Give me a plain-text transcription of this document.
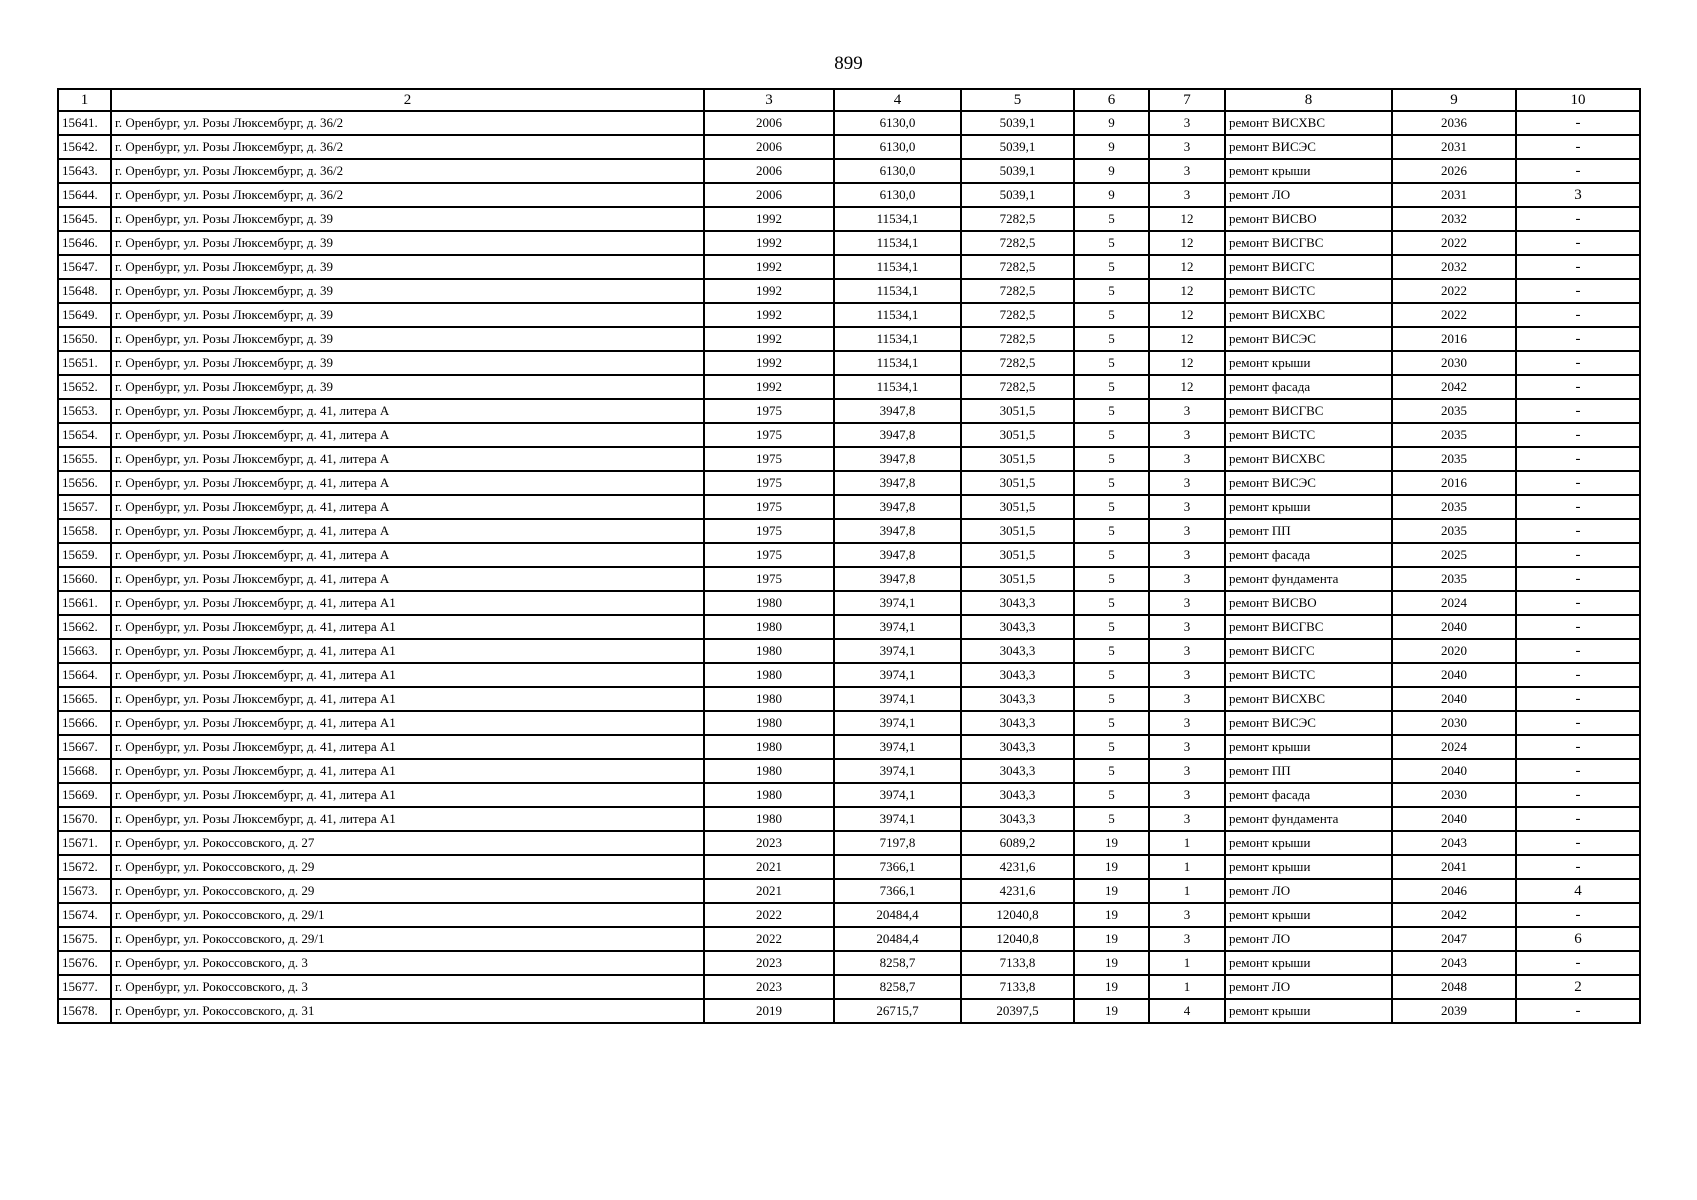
899
1	2	3	4	5	6	7	8	9	10
15641.	г. Оренбург, ул. Розы Люксембург, д. 36/2	2006	6130,0	5039,1	9	3	ремонт ВИСХВС	2036	-
15642.	г. Оренбург, ул. Розы Люксембург, д. 36/2	2006	6130,0	5039,1	9	3	ремонт ВИСЭС	2031	-
15643.	г. Оренбург, ул. Розы Люксембург, д. 36/2	2006	6130,0	5039,1	9	3	ремонт крыши	2026	-
15644.	г. Оренбург, ул. Розы Люксембург, д. 36/2	2006	6130,0	5039,1	9	3	ремонт ЛО	2031	3
15645.	г. Оренбург, ул. Розы Люксембург, д. 39	1992	11534,1	7282,5	5	12	ремонт ВИСВО	2032	-
15646.	г. Оренбург, ул. Розы Люксембург, д. 39	1992	11534,1	7282,5	5	12	ремонт ВИСГВС	2022	-
15647.	г. Оренбург, ул. Розы Люксембург, д. 39	1992	11534,1	7282,5	5	12	ремонт ВИСГС	2032	-
15648.	г. Оренбург, ул. Розы Люксембург, д. 39	1992	11534,1	7282,5	5	12	ремонт ВИСТС	2022	-
15649.	г. Оренбург, ул. Розы Люксембург, д. 39	1992	11534,1	7282,5	5	12	ремонт ВИСХВС	2022	-
15650.	г. Оренбург, ул. Розы Люксембург, д. 39	1992	11534,1	7282,5	5	12	ремонт ВИСЭС	2016	-
15651.	г. Оренбург, ул. Розы Люксембург, д. 39	1992	11534,1	7282,5	5	12	ремонт крыши	2030	-
15652.	г. Оренбург, ул. Розы Люксембург, д. 39	1992	11534,1	7282,5	5	12	ремонт фасада	2042	-
15653.	г. Оренбург, ул. Розы Люксембург, д. 41, литера А	1975	3947,8	3051,5	5	3	ремонт ВИСГВС	2035	-
15654.	г. Оренбург, ул. Розы Люксембург, д. 41, литера А	1975	3947,8	3051,5	5	3	ремонт ВИСТС	2035	-
15655.	г. Оренбург, ул. Розы Люксембург, д. 41, литера А	1975	3947,8	3051,5	5	3	ремонт ВИСХВС	2035	-
15656.	г. Оренбург, ул. Розы Люксембург, д. 41, литера А	1975	3947,8	3051,5	5	3	ремонт ВИСЭС	2016	-
15657.	г. Оренбург, ул. Розы Люксембург, д. 41, литера А	1975	3947,8	3051,5	5	3	ремонт крыши	2035	-
15658.	г. Оренбург, ул. Розы Люксембург, д. 41, литера А	1975	3947,8	3051,5	5	3	ремонт ПП	2035	-
15659.	г. Оренбург, ул. Розы Люксембург, д. 41, литера А	1975	3947,8	3051,5	5	3	ремонт фасада	2025	-
15660.	г. Оренбург, ул. Розы Люксембург, д. 41, литера А	1975	3947,8	3051,5	5	3	ремонт фундамента	2035	-
15661.	г. Оренбург, ул. Розы Люксембург, д. 41, литера А1	1980	3974,1	3043,3	5	3	ремонт ВИСВО	2024	-
15662.	г. Оренбург, ул. Розы Люксембург, д. 41, литера А1	1980	3974,1	3043,3	5	3	ремонт ВИСГВС	2040	-
15663.	г. Оренбург, ул. Розы Люксембург, д. 41, литера А1	1980	3974,1	3043,3	5	3	ремонт ВИСГС	2020	-
15664.	г. Оренбург, ул. Розы Люксембург, д. 41, литера А1	1980	3974,1	3043,3	5	3	ремонт ВИСТС	2040	-
15665.	г. Оренбург, ул. Розы Люксембург, д. 41, литера А1	1980	3974,1	3043,3	5	3	ремонт ВИСХВС	2040	-
15666.	г. Оренбург, ул. Розы Люксембург, д. 41, литера А1	1980	3974,1	3043,3	5	3	ремонт ВИСЭС	2030	-
15667.	г. Оренбург, ул. Розы Люксембург, д. 41, литера А1	1980	3974,1	3043,3	5	3	ремонт крыши	2024	-
15668.	г. Оренбург, ул. Розы Люксембург, д. 41, литера А1	1980	3974,1	3043,3	5	3	ремонт ПП	2040	-
15669.	г. Оренбург, ул. Розы Люксембург, д. 41, литера А1	1980	3974,1	3043,3	5	3	ремонт фасада	2030	-
15670.	г. Оренбург, ул. Розы Люксембург, д. 41, литера А1	1980	3974,1	3043,3	5	3	ремонт фундамента	2040	-
15671.	г. Оренбург, ул. Рокоссовского, д. 27	2023	7197,8	6089,2	19	1	ремонт крыши	2043	-
15672.	г. Оренбург, ул. Рокоссовского, д. 29	2021	7366,1	4231,6	19	1	ремонт крыши	2041	-
15673.	г. Оренбург, ул. Рокоссовского, д. 29	2021	7366,1	4231,6	19	1	ремонт ЛО	2046	4
15674.	г. Оренбург, ул. Рокоссовского, д. 29/1	2022	20484,4	12040,8	19	3	ремонт крыши	2042	-
15675.	г. Оренбург, ул. Рокоссовского, д. 29/1	2022	20484,4	12040,8	19	3	ремонт ЛО	2047	6
15676.	г. Оренбург, ул. Рокоссовского, д. 3	2023	8258,7	7133,8	19	1	ремонт крыши	2043	-
15677.	г. Оренбург, ул. Рокоссовского, д. 3	2023	8258,7	7133,8	19	1	ремонт ЛО	2048	2
15678.	г. Оренбург, ул. Рокоссовского, д. 31	2019	26715,7	20397,5	19	4	ремонт крыши	2039	-
